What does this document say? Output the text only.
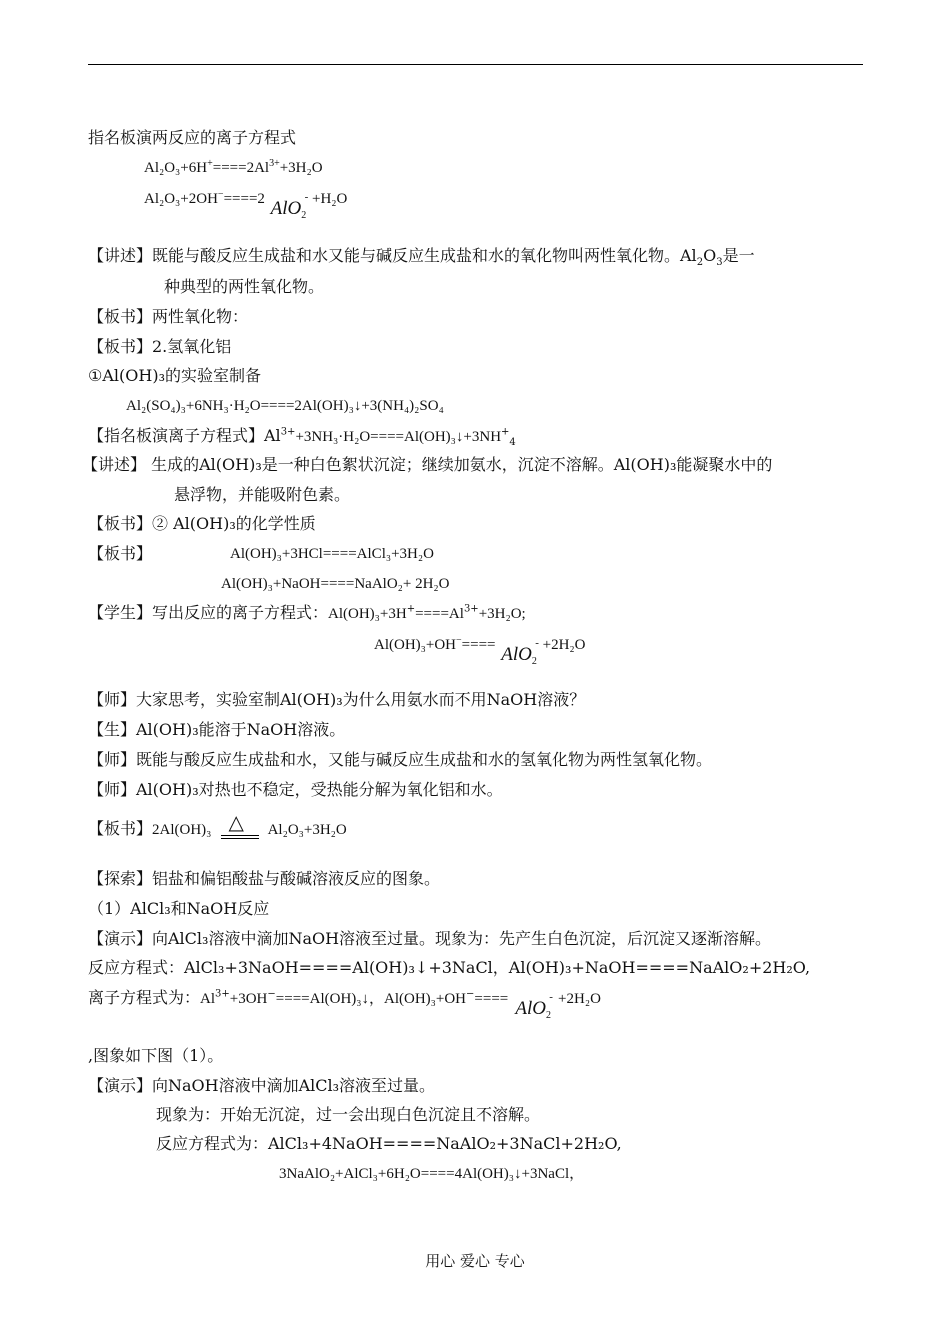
指名板演两反应的离子方程式
$Al_2O_3+6H^+====2Al^{3+}+3H_2O$
Al₂O₃+2OH−====2 AlO$_2$
- +H₂O
【讲述】既能与酸反应生成盐和水又能与碱反应生成盐和水的氧化物叫两性氧化物。$Al_2O_3$是一
种典型的两性氧化物。
【板书】两性氧化物：
【板书】2.氢氧化铝
①Al(OH)₃的实验室制备
Al₂(SO₄)₃+6NH₃·H₂O====2Al(OH)₃↓+3(NH₄)₂SO₄
【指名板演离子方程式】$Al^{3+}+3NH_3\cdot H_2O====Al(OH)_3↓+3NH^+_4$
【讲述】 生成的Al(OH)₃是一种白色絮状沉淀；继续加氨水，沉淀不溶解。Al(OH)₃能凝聚水中的
悬浮物，并能吸附色素。
【板书】② Al(OH)₃的化学性质
【板书】	Al(OH)₃+3HCl====AlCl₃+3H₂O
Al(OH)₃+NaOH====NaAlO₂+ 2H₂O
【学生】写出反应的离子方程式：$Al(OH)_3+3H^+====Al^{3+}+3H_2O$;
Al(OH)₃+OH−==== AlO$_2$
- +2H₂O
【师】大家思考，实验室制Al(OH)₃为什么用氨水而不用NaOH溶液？
【生】Al(OH)₃能溶于NaOH溶液。
【师】既能与酸反应生成盐和水，又能与碱反应生成盐和水的氢氧化物为两性氢氧化物。
【师】Al(OH)₃对热也不稳定，受热能分解为氧化铝和水。
【板书】2Al(OH)₃ △ Al₂O₃+3H₂O
【探索】铝盐和偏铝酸盐与酸碱溶液反应的图象。
（1）AlCl₃和NaOH反应
【演示】向AlCl₃溶液中滴加NaOH溶液至过量。现象为：先产生白色沉淀，后沉淀又逐渐溶解。
反应方程式：AlCl₃+3NaOH====Al(OH)₃↓+3NaCl，Al(OH)₃+NaOH====NaAlO₂+2H₂O,
离子方程式为：$Al^{3+}+3OH^-====Al(OH)_3↓$，Al(OH)₃+OH−==== AlO$_2$
- +2H₂O
,图象如下图（1）。
【演示】向NaOH溶液中滴加AlCl₃溶液至过量。
现象为：开始无沉淀，过一会出现白色沉淀且不溶解。
反应方程式为：AlCl₃+4NaOH====NaAlO₂+3NaCl+2H₂O,
3NaAlO₂+AlCl₃+6H₂O====4Al(OH)₃↓+3NaCl，
用心 爱心 专心
